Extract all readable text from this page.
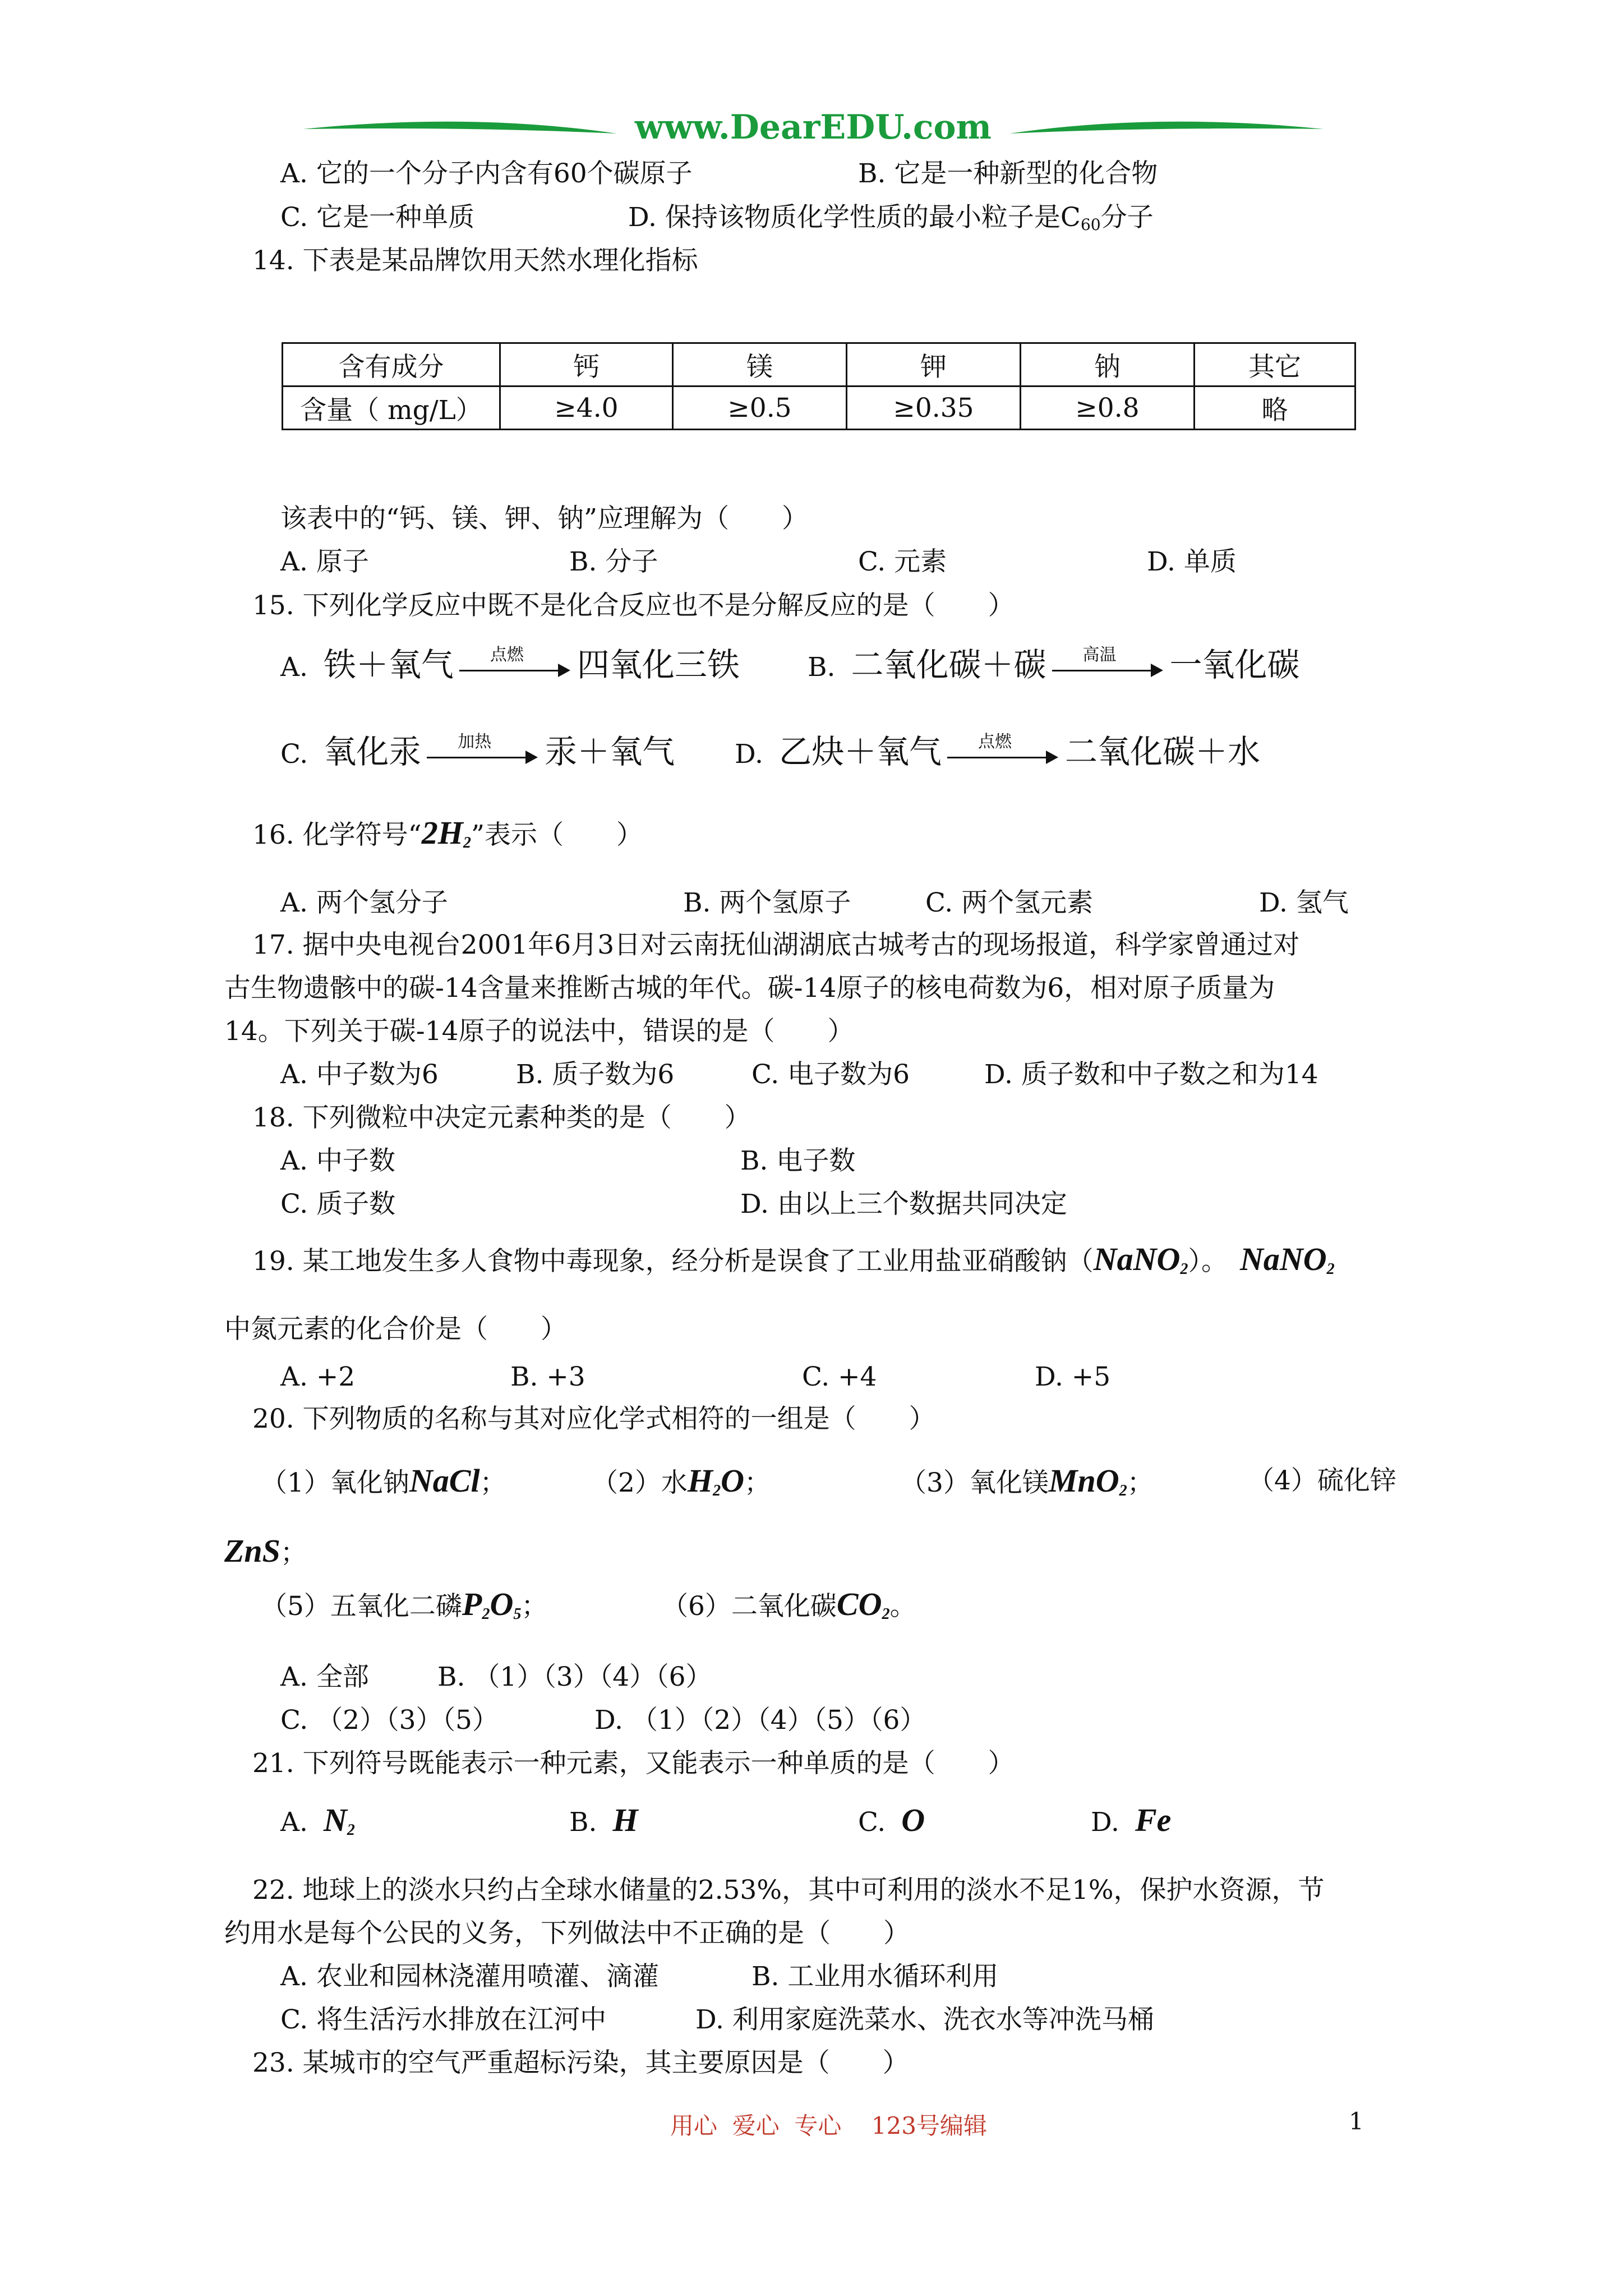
www.DearEDU.com
A. 它的一个分子内含有60个碳原子	B. 它是一种新型的化合物
C. 它是一种单质	D. 保持该物质化学性质的最小粒子是$C_{60}$分子
14. 下表是某品牌饮用天然水理化指标
含有成分	钙	镁	钾	钠	其它
含量（ mg/L）	≥4.0	≥0.5	≥0.35	≥0.8	略
该表中的“钙、镁、钾、钠”应理解为（　　）
A. 原子	B. 分子	C. 元素	D. 单质
15. 下列化学反应中既不是化合反应也不是分解反应的是（　　）
A. 铁＋氧气	点燃	四氧化三铁	B. 二氧化碳＋碳	高温	一氧化碳
C. 氧化汞	加热	汞＋氧气 D. 乙炔＋氧气	点燃	二氧化碳＋水
16. 化学符号“$2H_2$”表示（　　）
A. 两个氢分子	B. 两个氢原子	C. 两个氢元素	D. 氢气
17. 据中央电视台2001年6月3日对云南抚仙湖湖底古城考古的现场报道，科学家曾通过对
古生物遗骸中的碳-14含量来推断古城的年代。碳-14原子的核电荷数为6，相对原子质量为
14。下列关于碳-14原子的说法中，错误的是（　　）
A. 中子数为6	B. 质子数为6	C. 电子数为6	D. 质子数和中子数之和为14
18. 下列微粒中决定元素种类的是（　　）
A. 中子数	B. 电子数
C. 质子数	D. 由以上三个数据共同决定
19. 某工地发生多人食物中毒现象，经分析是误食了工业用盐亚硝酸钠（NaNO$_2$）。 NaNO$_2$
中氮元素的化合价是（　　）
A. +2	B. +3	C. +4	D. +5
20. 下列物质的名称与其对应化学式相符的一组是（　　）
（1）氧化钠NaCl；	（2）水$H_2O$；	（3）氧化镁MnO$_2$；	（4）硫化锌
ZnS；
（5）五氧化二磷$P_2O_5$；	（6）二氧化碳$CO_2$。
A. 全部	B. （1）（3）（4）（6）
C. （2）（3）（5）	D. （1）（2）（4）（5）（6）
21. 下列符号既能表示一种元素，又能表示一种单质的是（　　）
A. $N_2$	B. H	C. O	D. Fe
22. 地球上的淡水只约占全球水储量的2.53%，其中可利用的淡水不足1%，保护水资源，节
约用水是每个公民的义务，下列做法中不正确的是（　　）
A. 农业和园林浇灌用喷灌、滴灌	B. 工业用水循环利用
C. 将生活污水排放在江河中	D. 利用家庭洗菜水、洗衣水等冲洗马桶
23. 某城市的空气严重超标污染，其主要原因是（　　）
用心  爱心  专心    123号编辑	1
